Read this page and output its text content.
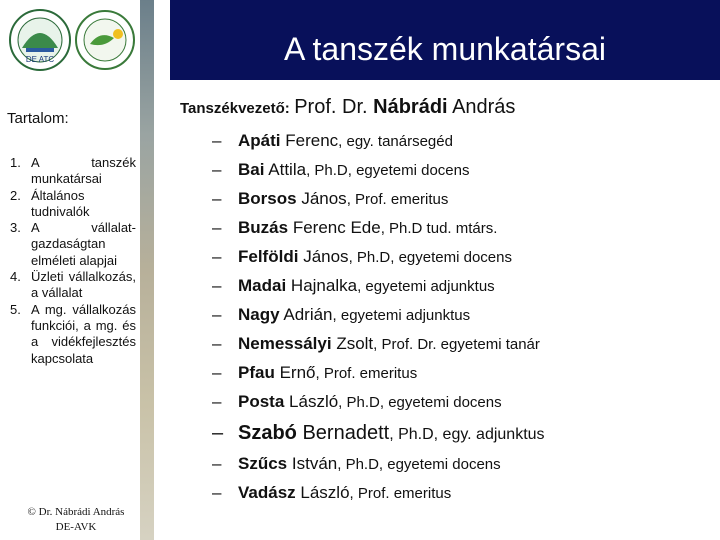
DE ATC
Tartalom:
1. A tanszék munkatársai
2. Általános tudnivalók
3. A vállalat-gazdaságtan elméleti alapjai
4. Üzleti vállalkozás, a vállalat
5. A mg. vállalkozás funkciói, a mg. és a vidékfejlesztés kapcsolata
© Dr. Nábrádi András
DE-AVK
A tanszék munkatársai
Tanszékvezető: Prof. Dr. Nábrádi András
– Apáti Ferenc, egy. tanársegéd
– Bai Attila, Ph.D, egyetemi docens
– Borsos János, Prof. emeritus
– Buzás Ferenc Ede, Ph.D tud. mtárs.
– Felföldi János, Ph.D, egyetemi docens
– Madai Hajnalka, egyetemi adjunktus
– Nagy Adrián, egyetemi adjunktus
– Nemessályi Zsolt, Prof. Dr. egyetemi tanár
– Pfau Ernő, Prof. emeritus
– Posta László, Ph.D, egyetemi docens
– Szabó Bernadett, Ph.D, egy. adjunktus
– Szűcs István, Ph.D, egyetemi docens
– Vadász László, Prof. emeritus
